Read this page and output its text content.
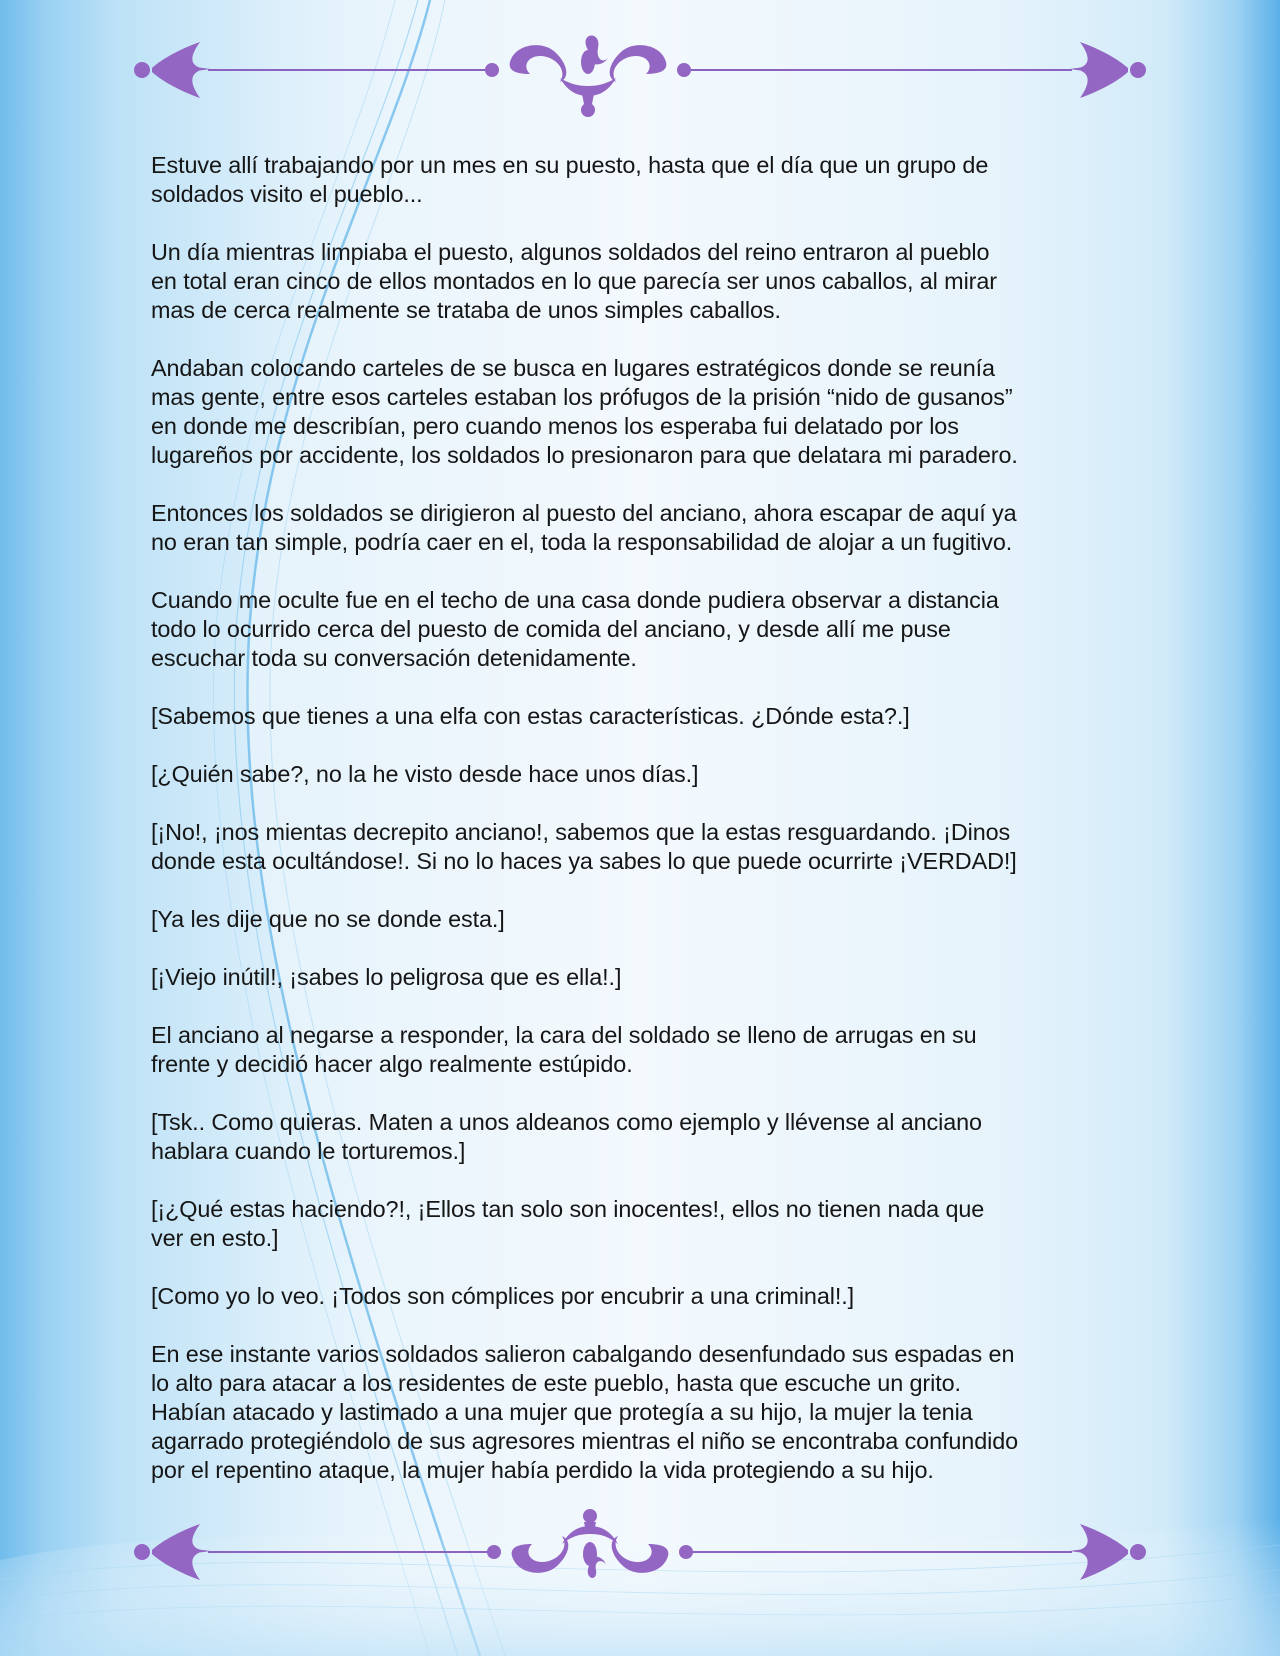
Estuve allí trabajando por un mes en su puesto, hasta que el día que un grupo de
soldados visito el pueblo...

Un día mientras limpiaba el puesto, algunos soldados del reino entraron al pueblo
en total eran cinco de ellos montados en lo que parecía ser unos caballos, al mirar
mas de cerca realmente se trataba de unos simples caballos.

Andaban colocando carteles de se busca en lugares estratégicos donde se reunía
mas gente, entre esos carteles estaban los prófugos de la prisión “nido de gusanos”
en donde me describían, pero cuando menos los esperaba fui delatado por los
lugareños por accidente, los soldados lo presionaron para que delatara mi paradero.

Entonces los soldados se dirigieron al puesto del anciano, ahora escapar de aquí ya
no eran tan simple, podría caer en el, toda la responsabilidad de alojar a un fugitivo.

Cuando me oculte fue en el techo de una casa donde pudiera observar a distancia
todo lo ocurrido cerca del puesto de comida del anciano, y desde allí me puse
escuchar toda su conversación detenidamente.

[Sabemos que tienes a una elfa con estas características. ¿Dónde esta?.]

[¿Quién sabe?, no la he visto desde hace unos días.]

[¡No!, ¡nos mientas decrepito anciano!, sabemos que la estas resguardando. ¡Dinos
donde esta ocultándose!. Si no lo haces ya sabes lo que puede ocurrirte ¡VERDAD!]

[Ya les dije que no se donde esta.]

[¡Viejo inútil!, ¡sabes lo peligrosa que es ella!.]

El anciano al negarse a responder, la cara del soldado se lleno de arrugas en su
frente y decidió hacer algo realmente estúpido.

[Tsk.. Como quieras. Maten a unos aldeanos como ejemplo y llévense al anciano
hablara cuando le torturemos.]

[¡¿Qué estas haciendo?!, ¡Ellos tan solo son inocentes!, ellos no tienen nada que
ver en esto.]

[Como yo lo veo. ¡Todos son cómplices por encubrir a una criminal!.]

En ese instante varios soldados salieron cabalgando desenfundado sus espadas en
lo alto para atacar a los residentes de este pueblo, hasta que escuche un grito.
Habían atacado y lastimado a una mujer que protegía a su hijo, la mujer la tenia
agarrado protegiéndolo de sus agresores mientras el niño se encontraba confundido
por el repentino ataque, la mujer había perdido la vida protegiendo a su hijo.
